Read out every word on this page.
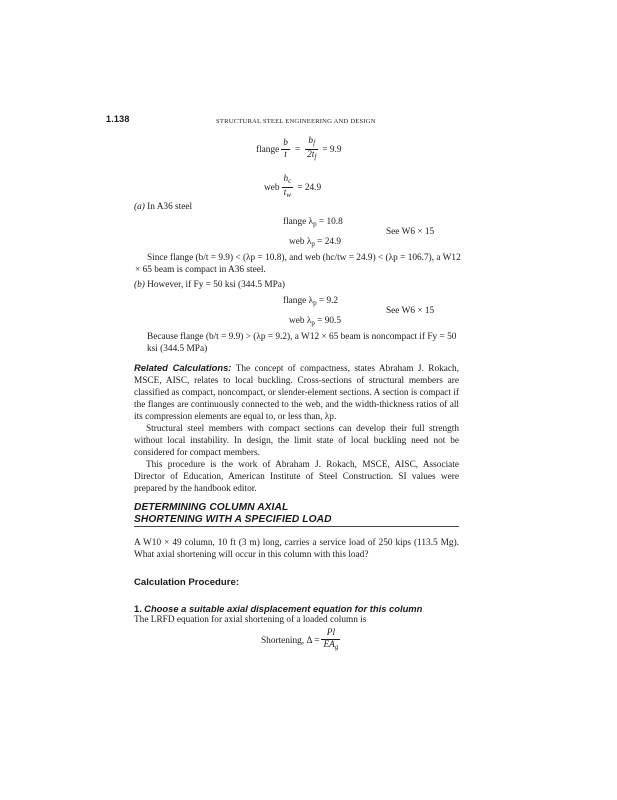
1.138	STRUCTURAL STEEL ENGINEERING AND DESIGN
flange $\frac{b}{t} = \frac{b_f}{2t_f} = 9.9$
web $\frac{h_c}{t_w} = 24.9$
(a) In A36 steel
flange $\lambda_p = 10.8$
See W6 × 15
web $\lambda_p = 24.9$
Since flange (b/t = 9.9) < (λp = 10.8), and web (hc/tw = 24.9) < (λp = 106.7), a W12
× 65 beam is compact in A36 steel.
(b) However, if Fy = 50 ksi (344.5 MPa)
flange $\lambda_p = 9.2$
See W6 × 15
web $\lambda_p = 90.5$
Because flange (b/t = 9.9) > (λp = 9.2), a W12 × 65 beam is noncompact if Fy = 50
ksi (344.5 MPa)
Related Calculations: The concept of compactness, states Abraham J. Rokach, MSCE, AISC, relates to local buckling. Cross-sections of structural members are classified as compact, noncompact, or slender-element sections. A section is compact if the flanges are continuously connected to the web, and the width-thickness ratios of all its compression elements are equal to, or less than, λp.
Structural steel members with compact sections can develop their full strength without local instability. In design, the limit state of local buckling need not be considered for compact members.
This procedure is the work of Abraham J. Rokach, MSCE, AISC, Associate Director of Education, American Institute of Steel Construction. SI values were prepared by the handbook editor.
DETERMINING COLUMN AXIAL
SHORTENING WITH A SPECIFIED LOAD
A W10 × 49 column, 10 ft (3 m) long, carries a service load of 250 kips (113.5 Mg). What axial shortening will occur in this column with this load?
Calculation Procedure:
1. Choose a suitable axial displacement equation for this column
The LRFD equation for axial shortening of a loaded column is
Shortening, $\Delta = \frac{Pl}{EA_g}$
